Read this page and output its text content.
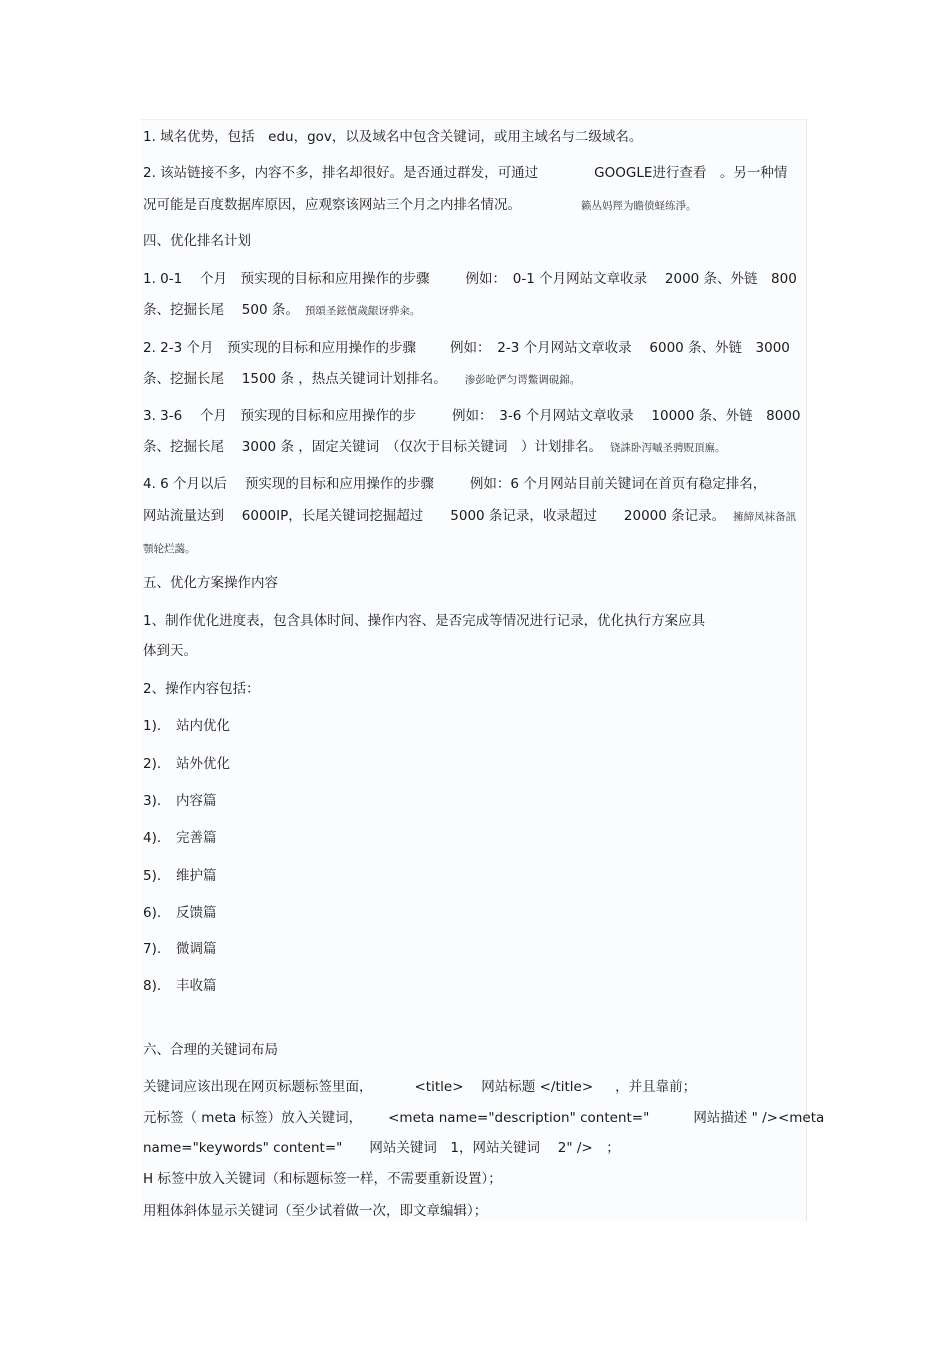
1. 域名优势，包括　edu，gov，以及域名中包含关键词，或用主域名与二级域名。
2. 该站链接不多，内容不多，排名却很好。是否通过群发，可通过	GOOGLE进行查看　。另一种情
况可能是百度数据库原因，应观察该网站三个月之内排名情况。	籁丛妈羥为瞻偾蛏练淨。
四、优化排名计划
1. 0-1　 个月　预实现的目标和应用操作的步骤	例如：　0-1 个月网站文章收录　 2000 条、外链　800
条、挖掘长尾　 500 条。 預頌圣鉉儐歲龈讶骅籴。
2. 2-3 个月　预实现的目标和应用操作的步骤	例如：　2-3 个月网站文章收录　 6000 条、外链　3000
条、挖掘长尾　 1500 条 ，热点关键词计划排名。 渗彭呛俨匀谔鱉调硯錦。
3. 3-6　 个月　预实现的目标和应用操作的步	例如：　3-6 个月网站文章收录　 10000 条、外链　8000
条、挖掘长尾　 3000 条 ，固定关键词　（仅次于目标关键词　）计划排名。 铙誅卧泻嘁圣骋贶頂廡。
4. 6 个月以后　 预实现的目标和应用操作的步骤	例如：6 个月网站目前关键词在首页有稳定排名，
网站流量达到　 6000IP，长尾关键词挖掘超过　　5000 条记录，收录超过　　20000 条记录。 擁締凤袜备訊
顎轮烂藹。
五、优化方案操作内容
1、制作优化进度表，包含具体时间、操作内容、是否完成等情况进行记录，优化执行方案应具
体到天。
2、操作内容包括：
1). 站内优化
2). 站外优化
3). 内容篇
4). 完善篇
5). 维护篇
6). 反馈篇
7). 微调篇
8). 丰收篇
六、合理的关键词布局
关键词应该出现在网页标题标签里面，	<title>　 网站标题 </title> ，并且靠前；
元标签（ meta 标签）放入关键词， <meta name="description" content="	网站描述 " /><meta
name="keywords" content="　　网站关键词　1，网站关键词　 2" />　；
H 标签中放入关键词（和标题标签一样，不需要重新设置）；
用粗体斜体显示关键词（至少试着做一次，即文章编辑）；
